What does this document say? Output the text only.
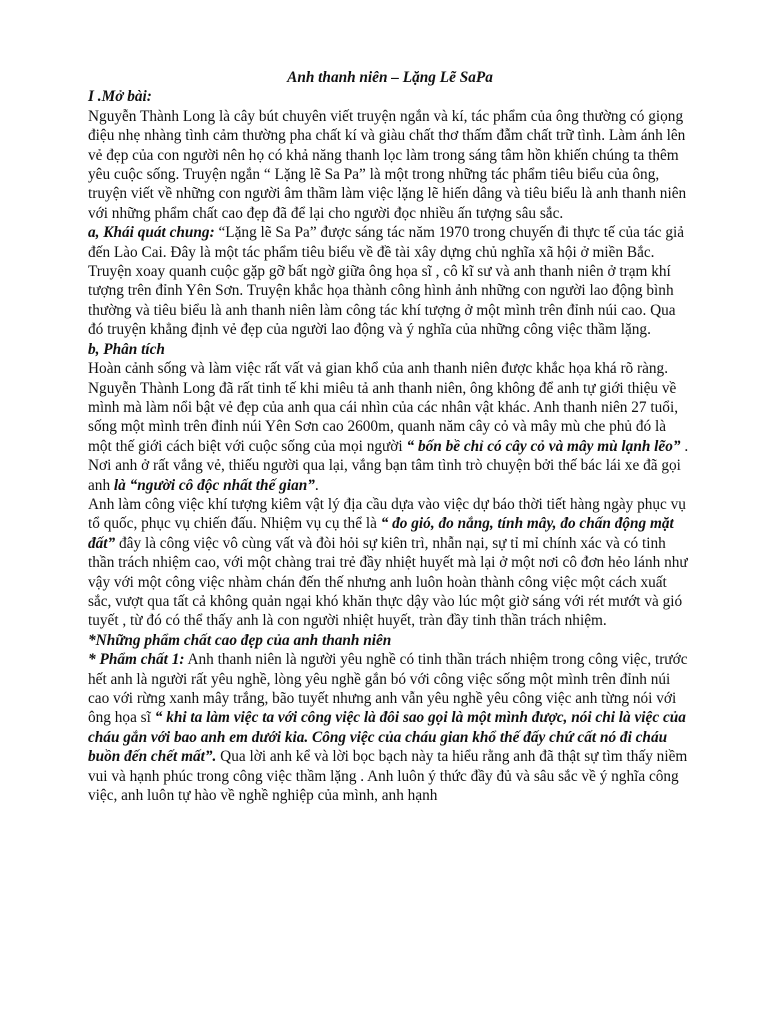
Anh thanh niên – Lặng Lẽ SaPa

I .Mở bài:

Nguyễn Thành Long là cây bút chuyên viết truyện ngắn và kí, tác phẩm của ông thường có giọng điệu nhẹ nhàng tình cảm thường pha chất kí và giàu chất thơ thấm đẫm chất trữ tình. Làm ánh lên vẻ đẹp của con người nên họ có khả năng thanh lọc làm trong sáng tâm hồn khiến chúng ta thêm yêu cuộc sống. Truyện ngắn “ Lặng lẽ Sa Pa” là một trong những tác phẩm tiêu biểu của ông, truyện viết về những con người âm thầm làm việc lặng lẽ hiến dâng và tiêu biểu là anh thanh niên với những phẩm chất cao đẹp đã để lại cho người đọc nhiều ấn tượng sâu sắc.

a, Khái quát chung: “Lặng lẽ Sa Pa” được sáng tác năm 1970 trong chuyến đi thực tế của tác giả đến Lào Cai. Đây là một tác phẩm tiêu biểu về đề tài xây dựng chủ nghĩa xã hội ở miền Bắc. Truyện xoay quanh cuộc gặp gỡ bất ngờ giữa ông họa sĩ , cô kĩ sư và anh thanh niên ở trạm khí tượng trên đỉnh Yên Sơn. Truyện khắc họa thành công hình ảnh những con người lao động bình thường và tiêu biểu là anh thanh niên làm công tác khí tượng ở một mình trên đỉnh núi cao. Qua đó truyện khẳng định vẻ đẹp của người lao động và ý nghĩa của những công việc thầm lặng.

b, Phân tích

Hoàn cảnh sống và làm việc rất vất vả gian khổ của anh thanh niên được khắc họa khá rõ ràng. Nguyễn Thành Long đã rất tinh tế khi miêu tả anh thanh niên, ông không để anh tự giới thiệu về mình mà làm nổi bật vẻ đẹp của anh qua cái nhìn của các nhân vật khác. Anh thanh niên 27 tuổi, sống một mình trên đỉnh núi Yên Sơn cao 2600m, quanh năm cây cỏ và mây mù che phủ đó là một thế giới cách biệt với cuộc sống của mọi người “ bốn bề chỉ có cây cỏ và mây mù lạnh lẽo” . Nơi anh ở rất vắng vẻ, thiếu người qua lại, vắng bạn tâm tình trò chuyện bởi thế bác lái xe đã gọi anh là “người cô độc nhất thế gian”.

Anh làm công việc khí tượng kiêm vật lý địa cầu dựa vào việc dự báo thời tiết hàng ngày phục vụ tổ quốc, phục vụ chiến đấu. Nhiệm vụ cụ thể là “ đo gió, đo nắng, tính mây, đo chấn động mặt đất” đây là công việc vô cùng vất và đòi hỏi sự kiên trì, nhẫn nại, sự tỉ mỉ chính xác và có tinh thần trách nhiệm cao, với một chàng trai trẻ đầy nhiệt huyết mà lại ở một nơi cô đơn hẻo lánh như vậy với một công việc nhàm chán đến thế nhưng anh luôn hoàn thành công việc một cách xuất sắc, vượt qua tất cả không quản ngại khó khăn thực dậy vào lúc một giờ sáng với rét mướt và gió tuyết , từ đó có thể thấy anh là con người nhiệt huyết, tràn đầy tinh thần trách nhiệm.

*Những phẩm chất cao đẹp của anh thanh niên

* Phẩm chất 1: Anh thanh niên là người yêu nghề có tinh thần trách nhiệm trong công việc, trước hết anh là người rất yêu nghề, lòng yêu nghề gắn bó với công việc sống một mình trên đỉnh núi cao với rừng xanh mây trắng, bão tuyết nhưng anh vẫn yêu nghề yêu công việc anh từng nói với ông họa sĩ “ khi ta làm việc ta với công việc là đôi sao gọi là một mình được, nói chi là việc của cháu gắn với bao anh em dưới kia. Công việc của cháu gian khổ thế đấy chứ cất nó đi cháu buồn đến chết mất”. Qua lời anh kể và lời bọc bạch này ta hiểu rằng anh đã thật sự tìm thấy niềm vui và hạnh phúc trong công việc thầm lặng . Anh luôn ý thức đầy đủ và sâu sắc về ý nghĩa công việc, anh luôn tự hào về nghề nghiệp của mình, anh hạnh
